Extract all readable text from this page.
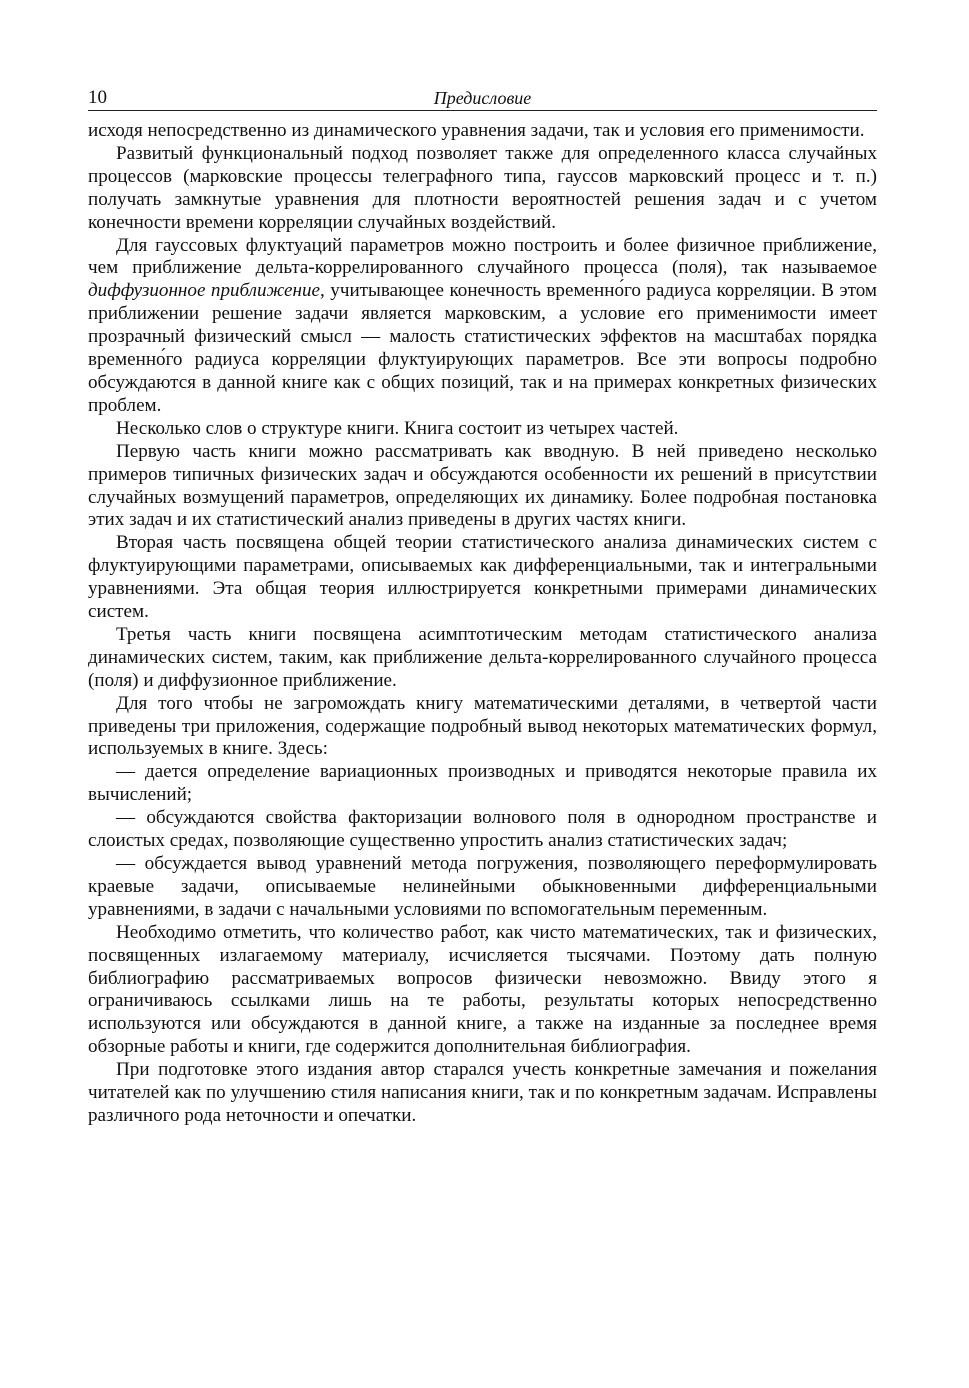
10	Предисловие

исходя непосредственно из динамического уравнения задачи, так и условия его применимости.

Развитый функциональный подход позволяет также для определенного класса случайных процессов (марковские процессы телеграфного типа, гауссов марковский процесс и т. п.) получать замкнутые уравнения для плотности вероятностей решения задач и с учетом конечности времени корреляции случайных воздействий.

Для гауссовых флуктуаций параметров можно построить и более физичное приближение, чем приближение дельта-коррелированного случайного процесса (поля), так называемое диффузионное приближение, учитывающее конечность временно́го радиуса корреляции. В этом приближении решение задачи является марковским, а условие его применимости имеет прозрачный физический смысл — малость статистических эффектов на масштабах порядка временно́го радиуса корреляции флуктуирующих параметров. Все эти вопросы подробно обсуждаются в данной книге как с общих позиций, так и на примерах конкретных физических проблем.

Несколько слов о структуре книги. Книга состоит из четырех частей.

Первую часть книги можно рассматривать как вводную. В ней приведено несколько примеров типичных физических задач и обсуждаются особенности их решений в присутствии случайных возмущений параметров, определяющих их динамику. Более подробная постановка этих задач и их статистический анализ приведены в других частях книги.

Вторая часть посвящена общей теории статистического анализа динамических систем с флуктуирующими параметрами, описываемых как дифференциальными, так и интегральными уравнениями. Эта общая теория иллюстрируется конкретными примерами динамических систем.

Третья часть книги посвящена асимптотическим методам статистического анализа динамических систем, таким, как приближение дельта-коррелированного случайного процесса (поля) и диффузионное приближение.

Для того чтобы не загромождать книгу математическими деталями, в четвертой части приведены три приложения, содержащие подробный вывод некоторых математических формул, используемых в книге. Здесь:

— дается определение вариационных производных и приводятся некоторые правила их вычислений;

— обсуждаются свойства факторизации волнового поля в однородном пространстве и слоистых средах, позволяющие существенно упростить анализ статистических задач;

— обсуждается вывод уравнений метода погружения, позволяющего переформулировать краевые задачи, описываемые нелинейными обыкновенными дифференциальными уравнениями, в задачи с начальными условиями по вспомогательным переменным.

Необходимо отметить, что количество работ, как чисто математических, так и физических, посвященных излагаемому материалу, исчисляется тысячами. Поэтому дать полную библиографию рассматриваемых вопросов физически невозможно. Ввиду этого я ограничиваюсь ссылками лишь на те работы, результаты которых непосредственно используются или обсуждаются в данной книге, а также на изданные за последнее время обзорные работы и книги, где содержится дополнительная библиография.

При подготовке этого издания автор старался учесть конкретные замечания и пожелания читателей как по улучшению стиля написания книги, так и по конкретным задачам. Исправлены различного рода неточности и опечатки.
